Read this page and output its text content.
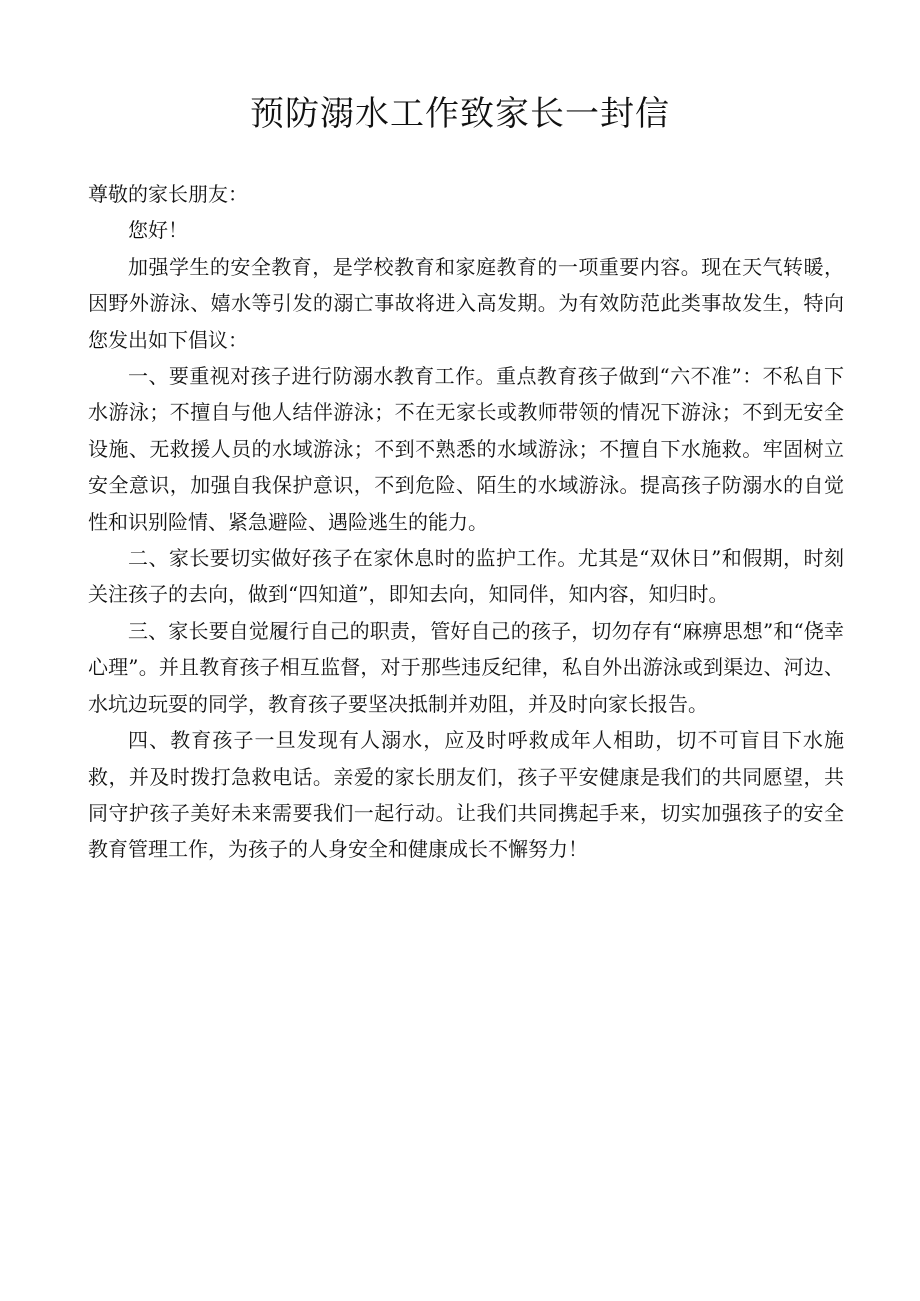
预防溺水工作致家长一封信

尊敬的家长朋友：

您好！

加强学生的安全教育，是学校教育和家庭教育的一项重要内容。现在天气转暖，因野外游泳、嬉水等引发的溺亡事故将进入高发期。为有效防范此类事故发生，特向您发出如下倡议：

一、要重视对孩子进行防溺水教育工作。重点教育孩子做到“六不准”：不私自下水游泳；不擅自与他人结伴游泳；不在无家长或教师带领的情况下游泳；不到无安全设施、无救援人员的水域游泳；不到不熟悉的水域游泳；不擅自下水施救。牢固树立安全意识，加强自我保护意识，不到危险、陌生的水域游泳。提高孩子防溺水的自觉性和识别险情、紧急避险、遇险逃生的能力。

二、家长要切实做好孩子在家休息时的监护工作。尤其是“双休日”和假期，时刻关注孩子的去向，做到“四知道”，即知去向，知同伴，知内容，知归时。

三、家长要自觉履行自己的职责，管好自己的孩子，切勿存有“麻痹思想”和“侥幸心理”。并且教育孩子相互监督，对于那些违反纪律，私自外出游泳或到渠边、河边、水坑边玩耍的同学，教育孩子要坚决抵制并劝阻，并及时向家长报告。

四、教育孩子一旦发现有人溺水，应及时呼救成年人相助，切不可盲目下水施救，并及时拨打急救电话。亲爱的家长朋友们，孩子平安健康是我们的共同愿望，共同守护孩子美好未来需要我们一起行动。让我们共同携起手来，切实加强孩子的安全教育管理工作，为孩子的人身安全和健康成长不懈努力！
